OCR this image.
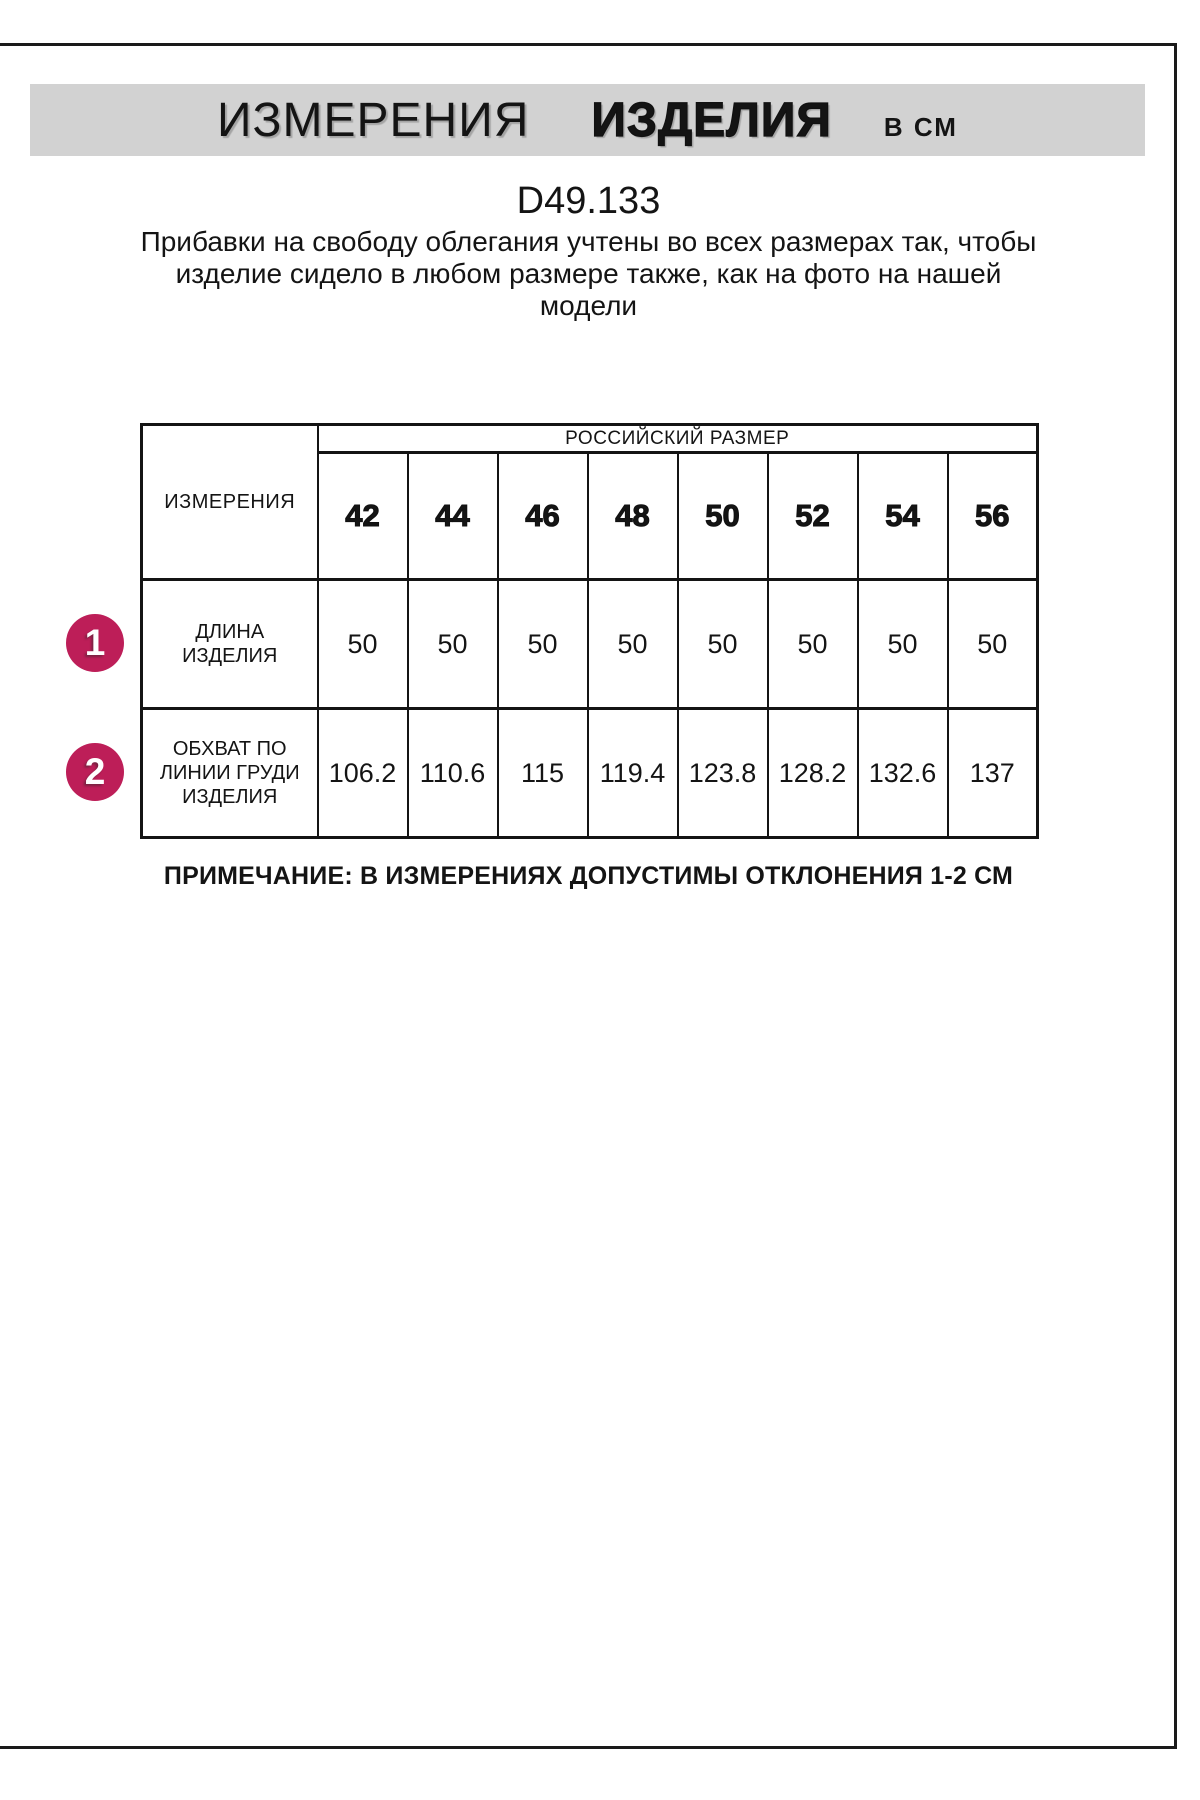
ИЗМЕРЕНИЯ ИЗДЕЛИЯ В СМ
D49.133
Прибавки на свободу облегания учтены во всех размерах так, чтобы
изделие сидело в любом размере также, как на фото на нашей
модели
ИЗМЕРЕНИЯ	РОССИЙСКИЙ РАЗМЕР							
	42	44	46	48	50	52	54	56

ДЛИНА
ИЗДЕЛИЯ	50	50	50	50	50	50	50	50

ОБХВАТ ПО
ЛИНИИ ГРУДИ
ИЗДЕЛИЯ	106.2	110.6	115	119.4	123.8	128.2	132.6	137
1
2
ПРИМЕЧАНИЕ: В ИЗМЕРЕНИЯХ ДОПУСТИМЫ ОТКЛОНЕНИЯ 1-2 СМ
